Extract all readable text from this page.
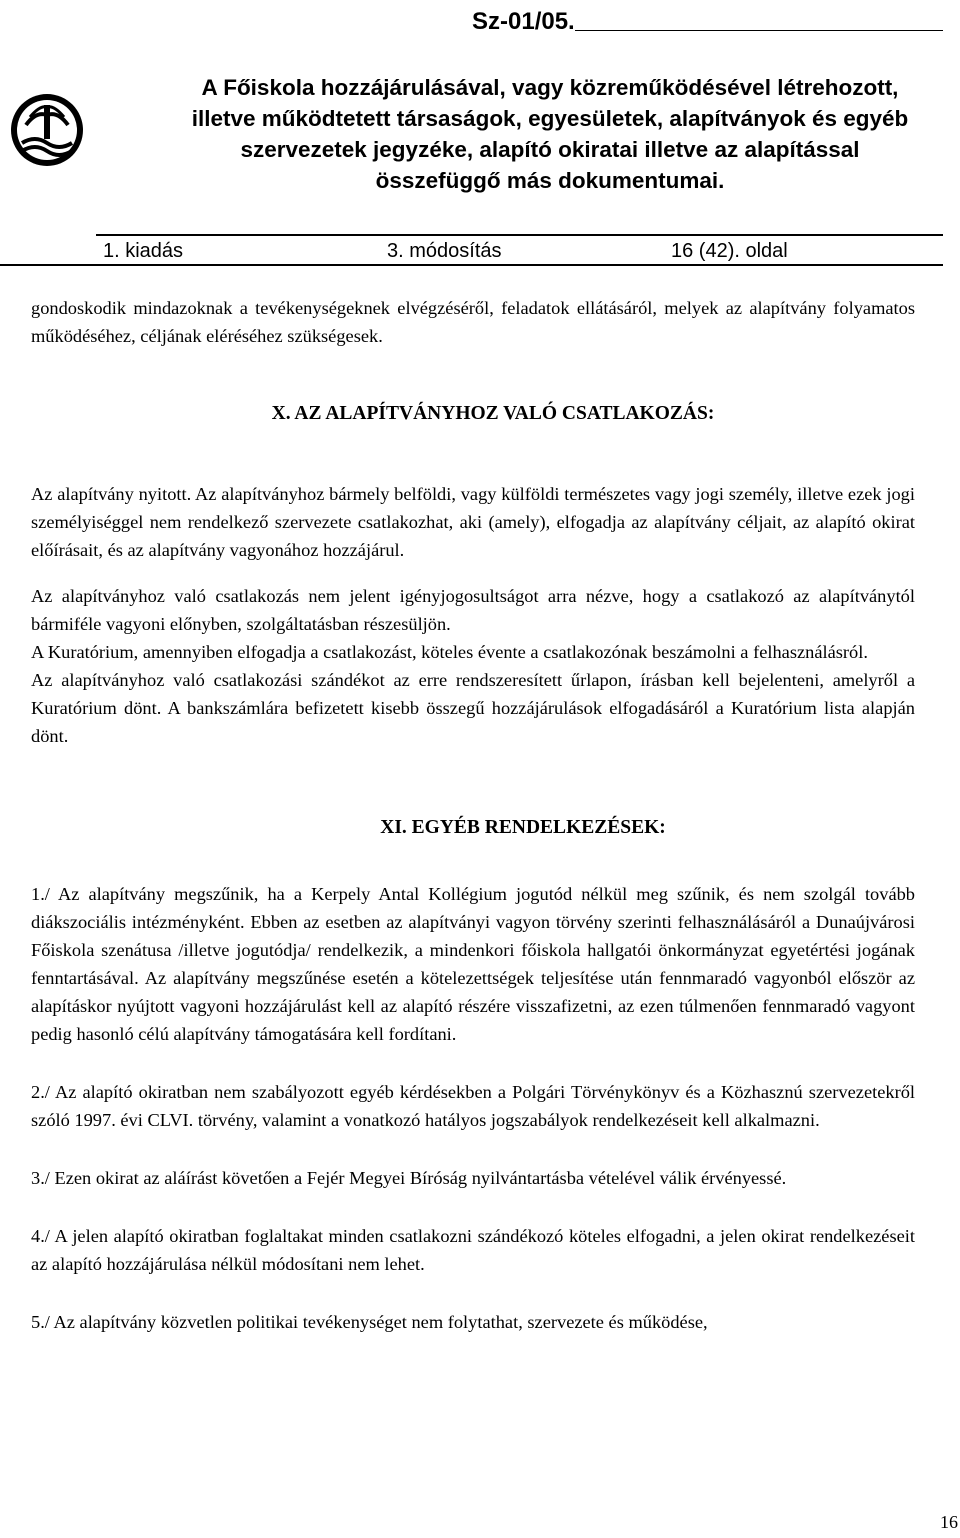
Sz-01/05.
A Főiskola hozzájárulásával, vagy közreműködésével létrehozott,
illetve működtetett társaságok, egyesületek, alapítványok és egyéb
szervezetek jegyzéke, alapító okiratai illetve az alapítással
összefüggő más dokumentumai.
1. kiadás	3. módosítás	16 (42). oldal

gondoskodik mindazoknak a tevékenységeknek elvégzéséről, feladatok ellátásáról, melyek az alapítvány folyamatos működéséhez, céljának eléréséhez szükségesek.

X. AZ ALAPÍTVÁNYHOZ VALÓ CSATLAKOZÁS:

Az alapítvány nyitott. Az alapítványhoz bármely belföldi, vagy külföldi természetes vagy jogi személy, illetve ezek jogi személyiséggel nem rendelkező szervezete csatlakozhat, aki (amely), elfogadja az alapítvány céljait, az alapító okirat előírásait, és az alapítvány vagyonához hozzájárul.

Az alapítványhoz való csatlakozás nem jelent igényjogosultságot arra nézve, hogy a csatlakozó az alapítványtól bármiféle vagyoni előnyben, szolgáltatásban részesüljön.

A Kuratórium, amennyiben elfogadja a csatlakozást, köteles évente a csatlakozónak beszámolni a felhasználásról.

Az alapítványhoz való csatlakozási szándékot az erre rendszeresített űrlapon, írásban kell bejelenteni, amelyről a Kuratórium dönt. A bankszámlára befizetett kisebb összegű hozzájárulások elfogadásáról a Kuratórium lista alapján dönt.

XI. EGYÉB RENDELKEZÉSEK:

1./ Az alapítvány megszűnik, ha a Kerpely Antal Kollégium jogutód nélkül meg szűnik, és nem szolgál tovább diákszociális intézményként. Ebben az esetben az alapítványi vagyon törvény szerinti felhasználásáról a Dunaújvárosi Főiskola szenátusa /illetve jogutódja/ rendelkezik, a mindenkori főiskola hallgatói önkormányzat egyetértési jogának fenntartásával. Az alapítvány megszűnése esetén a kötelezettségek teljesítése után fennmaradó vagyonból először az alapításkor nyújtott vagyoni hozzájárulást kell az alapító részére visszafizetni, az ezen túlmenően fennmaradó vagyont pedig hasonló célú alapítvány támogatására kell fordítani.

2./ Az alapító okiratban nem szabályozott egyéb kérdésekben a Polgári Törvénykönyv és a Közhasznú szervezetekről szóló 1997. évi CLVI. törvény, valamint a vonatkozó hatályos jogszabályok rendelkezéseit kell alkalmazni.

3./ Ezen okirat az aláírást követően a Fejér Megyei Bíróság nyilvántartásba vételével válik érvényessé.

4./ A jelen alapító okiratban foglaltakat minden csatlakozni szándékozó köteles elfogadni, a jelen okirat rendelkezéseit az alapító hozzájárulása nélkül módosítani nem lehet.

5./ Az alapítvány közvetlen politikai tevékenységet nem folytathat, szervezete és működése,

16
